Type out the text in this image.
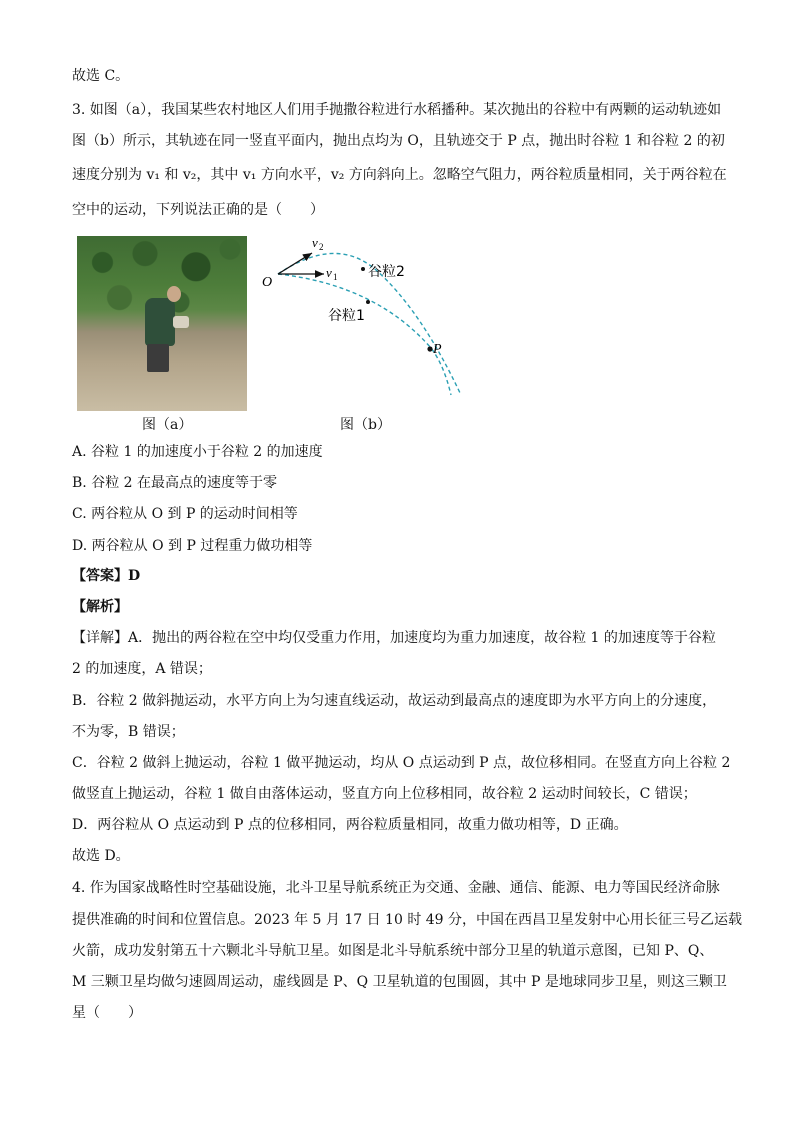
故选 C。
3. 如图（a），我国某些农村地区人们用手抛撒谷粒进行水稻播种。某次抛出的谷粒中有两颗的运动轨迹如
图（b）所示，其轨迹在同一竖直平面内，抛出点均为 O，且轨迹交于 P 点，抛出时谷粒 1 和谷粒 2 的初
速度分别为 v₁ 和 v₂，其中 v₁ 方向水平，v₂ 方向斜向上。忽略空气阻力，两谷粒质量相同，关于两谷粒在
空中的运动，下列说法正确的是（　　）
图（a）
O
v 2
v 1 谷粒2
谷粒1
P
图（b）
A. 谷粒 1 的加速度小于谷粒 2 的加速度
B. 谷粒 2 在最高点的速度等于零
C. 两谷粒从 O 到 P 的运动时间相等
D. 两谷粒从 O 到 P 过程重力做功相等
【答案】D
【解析】
【详解】A．抛出的两谷粒在空中均仅受重力作用，加速度均为重力加速度，故谷粒 1 的加速度等于谷粒
2 的加速度，A 错误；
B．谷粒 2 做斜抛运动，水平方向上为匀速直线运动，故运动到最高点的速度即为水平方向上的分速度，
不为零，B 错误；
C．谷粒 2 做斜上抛运动，谷粒 1 做平抛运动，均从 O 点运动到 P 点，故位移相同。在竖直方向上谷粒 2
做竖直上抛运动，谷粒 1 做自由落体运动，竖直方向上位移相同，故谷粒 2 运动时间较长，C 错误；
D．两谷粒从 O 点运动到 P 点的位移相同，两谷粒质量相同，故重力做功相等，D 正确。
故选 D。
4. 作为国家战略性时空基础设施，北斗卫星导航系统正为交通、金融、通信、能源、电力等国民经济命脉
提供准确的时间和位置信息。2023 年 5 月 17 日 10 时 49 分，中国在西昌卫星发射中心用长征三号乙运载
火箭，成功发射第五十六颗北斗导航卫星。如图是北斗导航系统中部分卫星的轨道示意图，已知 P、Q、
M 三颗卫星均做匀速圆周运动，虚线圆是 P、Q 卫星轨道的包围圆，其中 P 是地球同步卫星，则这三颗卫
星（　　）
